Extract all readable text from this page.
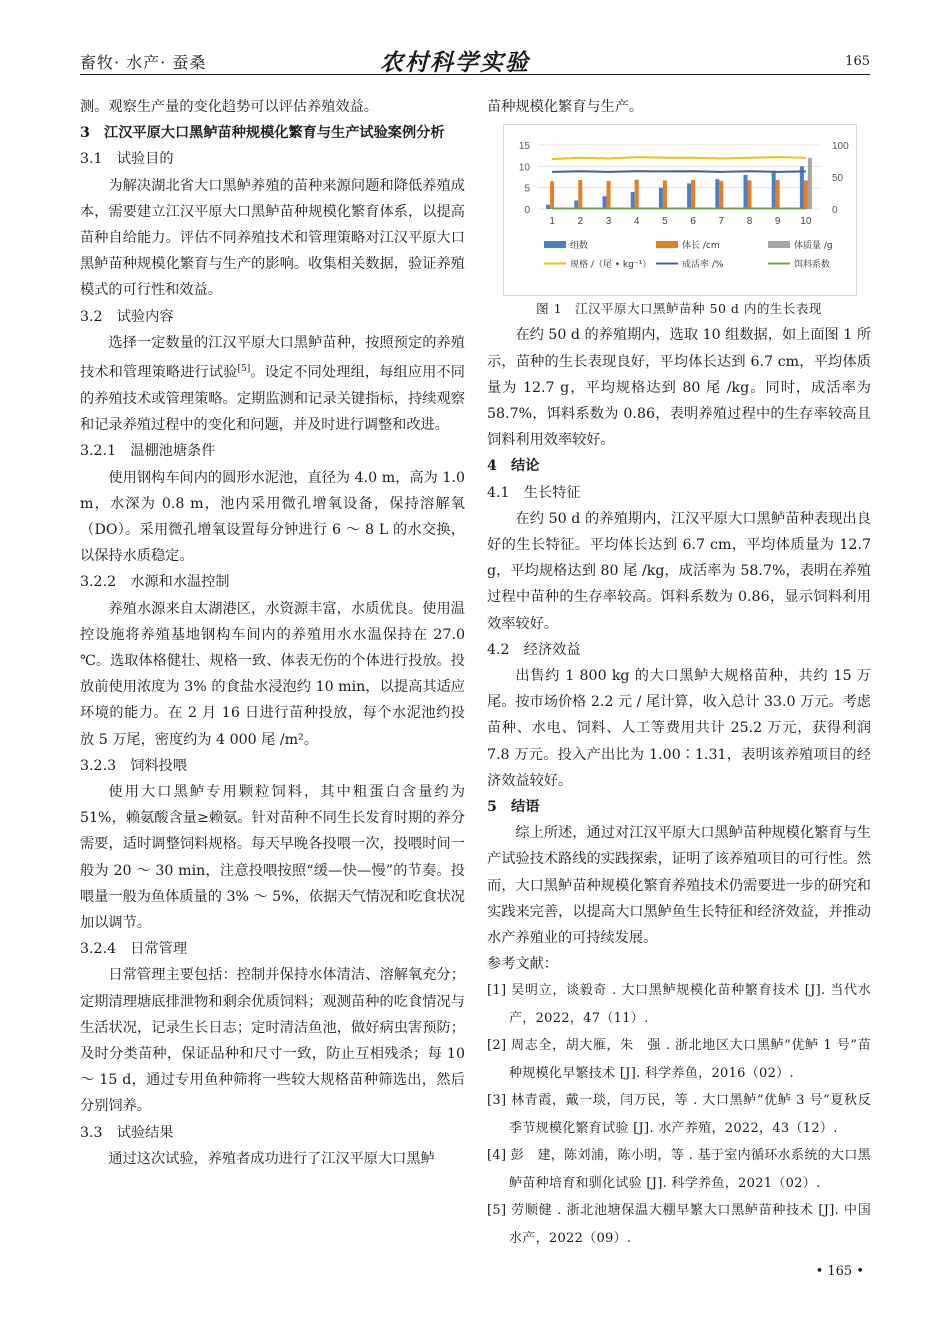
畜牧· 水产· 蚕桑	农村科学实验	165

测。观察生产量的变化趋势可以评估养殖效益。

3　江汉平原大口黑鲈苗种规模化繁育与生产试验案例分析

3.1　试验目的

为解决湖北省大口黑鲈养殖的苗种来源问题和降低养殖成本，需要建立江汉平原大口黑鲈苗种规模化繁育体系，以提高苗种自给能力。评估不同养殖技术和管理策略对江汉平原大口黑鲈苗种规模化繁育与生产的影响。收集相关数据，验证养殖模式的可行性和效益。

3.2　试验内容

选择一定数量的江汉平原大口黑鲈苗种，按照预定的养殖技术和管理策略进行试验[5]。设定不同处理组，每组应用不同的养殖技术或管理策略。定期监测和记录关键指标，持续观察和记录养殖过程中的变化和问题，并及时进行调整和改进。

3.2.1　温棚池塘条件

使用钢构车间内的圆形水泥池，直径为 4.0 m，高为 1.0 m，水深为 0.8 m，池内采用微孔增氧设备，保持溶解氧（DO）。采用微孔增氧设置每分钟进行 6 ～ 8 L 的水交换，以保持水质稳定。

3.2.2　水源和水温控制

养殖水源来自太湖港区，水资源丰富，水质优良。使用温控设施将养殖基地钢构车间内的养殖用水水温保持在 27.0 ℃。选取体格健壮、规格一致、体表无伤的个体进行投放。投放前使用浓度为 3% 的食盐水浸泡约 10 min，以提高其适应环境的能力。在 2 月 16 日进行苗种投放，每个水泥池约投放 5 万尾，密度约为 4 000 尾 /m²。

3.2.3　饲料投喂

使用大口黑鲈专用颗粒饲料，其中粗蛋白含量约为 51%，赖氨酸含量≥赖氨。针对苗种不同生长发育时期的养分需要，适时调整饲料规格。每天早晚各投喂一次，投喂时间一般为 20 ～ 30 min，注意投喂按照“缓—快—慢”的节奏。投喂量一般为鱼体质量的 3% ～ 5%，依据天气情况和吃食状况加以调节。

3.2.4　日常管理

日常管理主要包括：控制并保持水体清洁、溶解氧充分；定期清理塘底排泄物和剩余优质饲料；观测苗种的吃食情况与生活状况，记录生长日志；定时清洁鱼池，做好病虫害预防；及时分类苗种，保证品种和尺寸一致，防止互相残杀；每 10 ～ 15 d，通过专用鱼种筛将一些较大规格苗种筛选出，然后分别饲养。

3.3　试验结果

通过这次试验，养殖者成功进行了江汉平原大口黑鲈

苗种规模化繁育与生产。

15
10
5
0
100
50
0
1 2 3 4 5 6 7 8 9 10
组数	体长 /cm	体质量 /g
规格 /（尾 • kg⁻¹）	成活率 /%	饵料系数

图 1　江汉平原大口黑鲈苗种 50 d 内的生长表现

在约 50 d 的养殖期内，选取 10 组数据，如上面图 1 所示，苗种的生长表现良好，平均体长达到 6.7 cm，平均体质量为 12.7 g，平均规格达到 80 尾 /kg。同时，成活率为 58.7%，饵料系数为 0.86，表明养殖过程中的生存率较高且饲料利用效率较好。

4　结论

4.1　生长特征

在约 50 d 的养殖期内，江汉平原大口黑鲈苗种表现出良好的生长特征。平均体长达到 6.7 cm，平均体质量为 12.7 g，平均规格达到 80 尾 /kg，成活率为 58.7%，表明在养殖过程中苗种的生存率较高。饵料系数为 0.86，显示饲料利用效率较好。

4.2　经济效益

出售约 1 800 kg 的大口黑鲈大规格苗种，共约 15 万尾。按市场价格 2.2 元 / 尾计算，收入总计 33.0 万元。考虑苗种、水电、饲料、人工等费用共计 25.2 万元，获得利润 7.8 万元。投入产出比为 1.00∶1.31，表明该养殖项目的经济效益较好。

5　结语

综上所述，通过对江汉平原大口黑鲈苗种规模化繁育与生产试验技术路线的实践探索，证明了该养殖项目的可行性。然而，大口黑鲈苗种规模化繁育养殖技术仍需要进一步的研究和实践来完善，以提高大口黑鲈鱼生长特征和经济效益，并推动水产养殖业的可持续发展。

参考文献：

[1] 吴明立，谈毅奇 . 大口黑鲈规模化苗种繁育技术 [J]. 当代水产，2022，47（11）.

[2] 周志全，胡大雁，朱　强 . 浙北地区大口黑鲈“优鲈 1 号”苗种规模化早繁技术 [J]. 科学养鱼，2016（02）.

[3] 林青霞，戴一琰，闫万民，等 . 大口黑鲈“优鲈 3 号”夏秋反季节规模化繁育试验 [J]. 水产养殖，2022，43（12）.

[4] 彭　建，陈刘浦，陈小明，等 . 基于室内循环水系统的大口黑鲈苗种培育和驯化试验 [J]. 科学养鱼，2021（02）.

[5] 劳顺健 . 浙北池塘保温大棚早繁大口黑鲈苗种技术 [J]. 中国水产，2022（09）.

• 165 •
